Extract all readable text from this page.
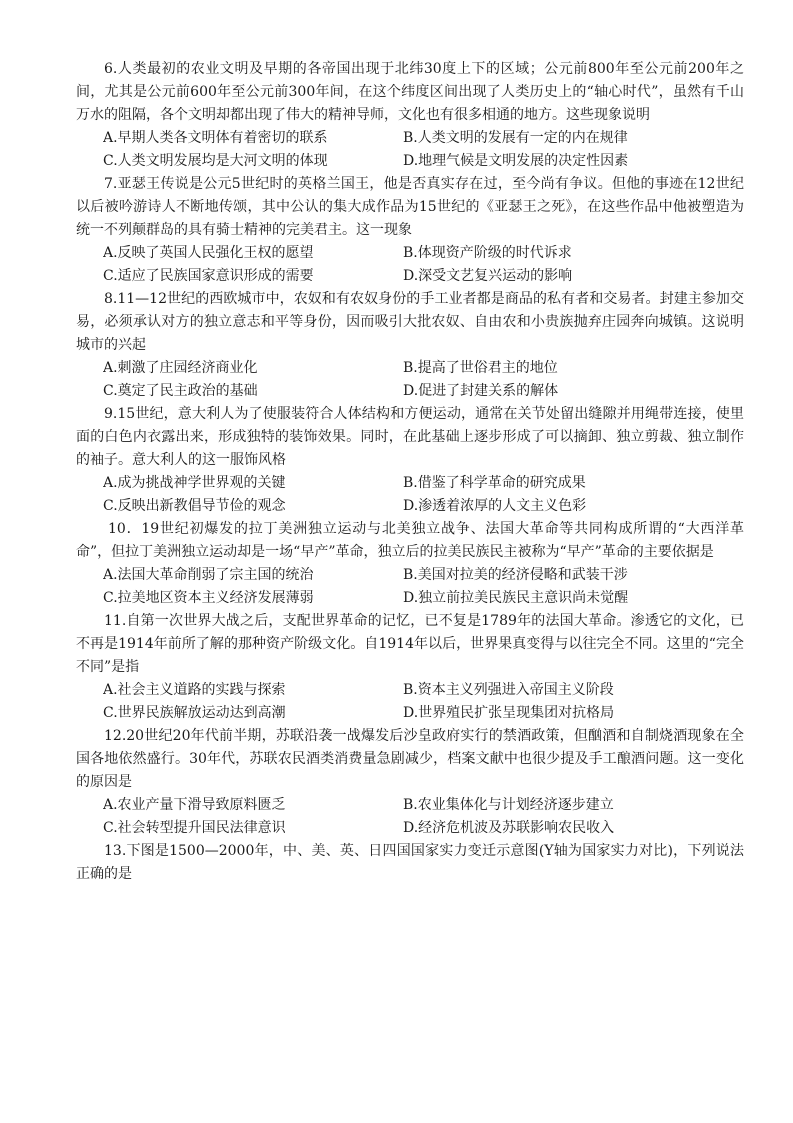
6.人类最初的农业文明及早期的各帝国出现于北纬30度上下的区域；公元前800年至公元前200年之间，尤其是公元前600年至公元前300年间，在这个纬度区间出现了人类历史上的“轴心时代”，虽然有千山万水的阻隔，各个文明却都出现了伟大的精神导师，文化也有很多相通的地方。这些现象说明

A.早期人类各文明体有着密切的联系	B.人类文明的发展有一定的内在规律
C.人类文明发展均是大河文明的体现	D.地理气候是文明发展的决定性因素

7.亚瑟王传说是公元5世纪时的英格兰国王，他是否真实存在过，至今尚有争议。但他的事迹在12世纪以后被吟游诗人不断地传颂，其中公认的集大成作品为15世纪的《亚瑟王之死》，在这些作品中他被塑造为统一不列颠群岛的具有骑士精神的完美君主。这一现象

A.反映了英国人民强化王权的愿望	B.体现资产阶级的时代诉求
C.适应了民族国家意识形成的需要	D.深受文艺复兴运动的影响

8.11—12世纪的西欧城市中，农奴和有农奴身份的手工业者都是商品的私有者和交易者。封建主参加交易，必须承认对方的独立意志和平等身份，因而吸引大批农奴、自由农和小贵族抛弃庄园奔向城镇。这说明城市的兴起

A.刺激了庄园经济商业化	B.提高了世俗君主的地位
C.奠定了民主政治的基础	D.促进了封建关系的解体

9.15世纪，意大利人为了使服装符合人体结构和方便运动，通常在关节处留出缝隙并用绳带连接，使里面的白色内衣露出来，形成独特的装饰效果。同时，在此基础上逐步形成了可以摘卸、独立剪裁、独立制作的袖子。意大利人的这一服饰风格

A.成为挑战神学世界观的关键	B.借鉴了科学革命的研究成果
C.反映出新教倡导节俭的观念	D.渗透着浓厚的人文主义色彩

10．19世纪初爆发的拉丁美洲独立运动与北美独立战争、法国大革命等共同构成所谓的“大西洋革命”，但拉丁美洲独立运动却是一场“早产”革命，独立后的拉美民族民主被称为“早产”革命的主要依据是

A.法国大革命削弱了宗主国的统治	B.美国对拉美的经济侵略和武装干涉
C.拉美地区资本主义经济发展薄弱	D.独立前拉美民族民主意识尚未觉醒

11.自第一次世界大战之后，支配世界革命的记忆，已不复是1789年的法国大革命。渗透它的文化，已不再是1914年前所了解的那种资产阶级文化。自1914年以后，世界果真变得与以往完全不同。这里的“完全不同”是指

A.社会主义道路的实践与探索	B.资本主义列强进入帝国主义阶段
C.世界民族解放运动达到高潮	D.世界殖民扩张呈现集团对抗格局

12.20世纪20年代前半期，苏联沿袭一战爆发后沙皇政府实行的禁酒政策，但酗酒和自制烧酒现象在全国各地依然盛行。30年代，苏联农民酒类消费量急剧减少，档案文献中也很少提及手工酿酒问题。这一变化的原因是

A.农业产量下滑导致原料匮乏	B.农业集体化与计划经济逐步建立
C.社会转型提升国民法律意识	D.经济危机波及苏联影响农民收入

13.下图是1500—2000年，中、美、英、日四国国家实力变迁示意图(Y轴为国家实力对比)，下列说法正确的是
